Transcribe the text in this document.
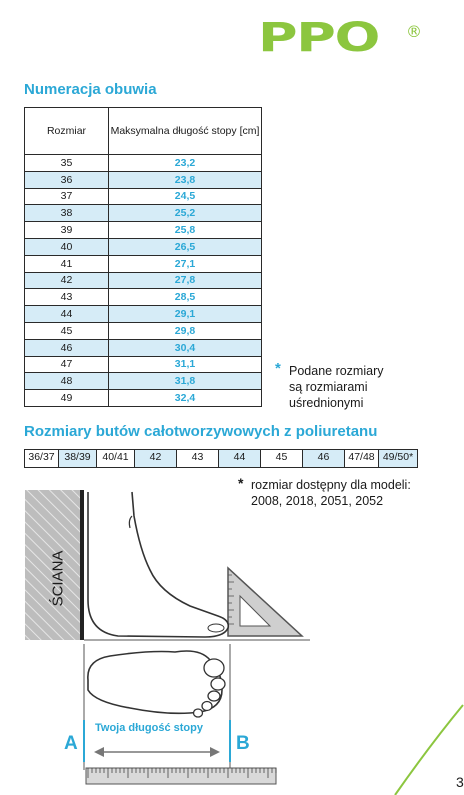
PPO ®
Numeracja obuwia
Rozmiar	Maksymalna długość stopy [cm]
35	23,2
36	23,8
37	24,5
38	25,2
39	25,8
40	26,5
41	27,1
42	27,8
43	28,5
44	29,1
45	29,8
46	30,4
47	31,1
48	31,8
49	32,4
* Podane rozmiary
są rozmiarami
uśrednionymi
Rozmiary butów całotworzywowych z poliuretanu
36/37 38/39	40/41	42	43	44	45	46	47/48 49/50*
* rozmiar dostępny dla modeli:
2008, 2018, 2051, 2052
ŚCIANA
Twoja długość stopy
A	B
3
